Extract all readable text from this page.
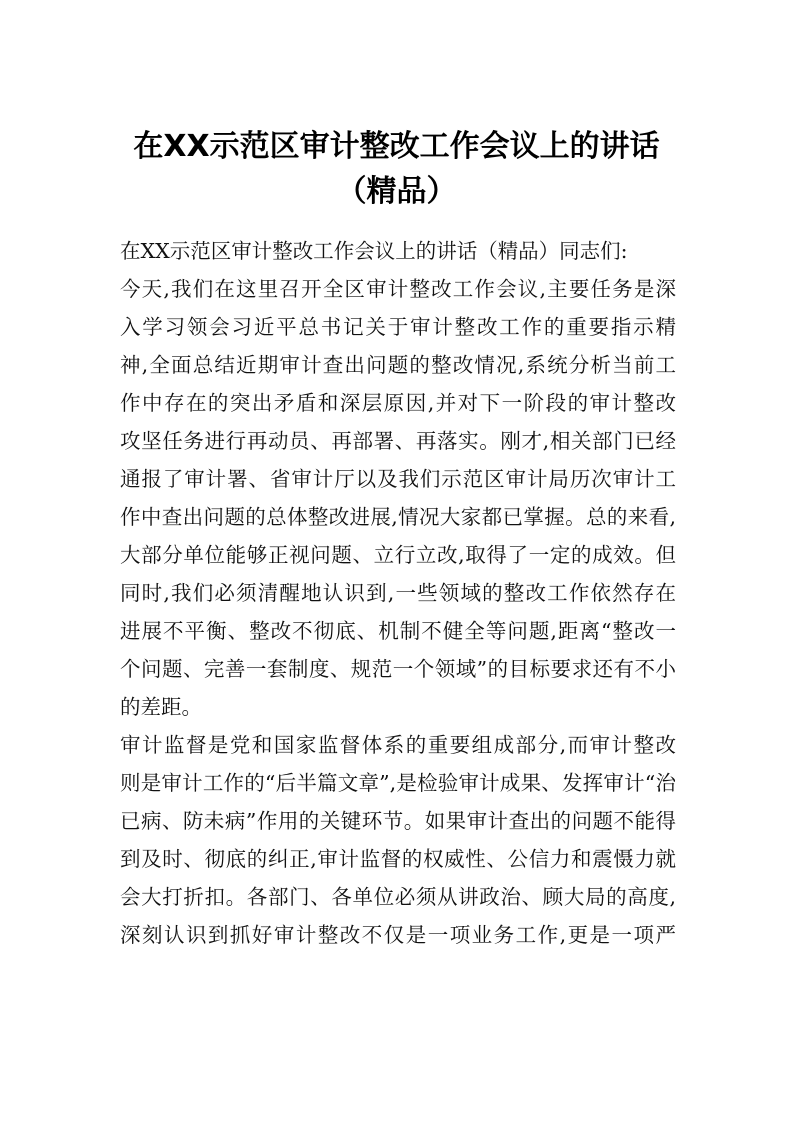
在XX示范区审计整改工作会议上的讲话
（精品）
在XX示范区审计整改工作会议上的讲话（精品）同志们:
今天,我们在这里召开全区审计整改工作会议,主要任务是深
入学习领会习近平总书记关于审计整改工作的重要指示精
神,全面总结近期审计查出问题的整改情况,系统分析当前工
作中存在的突出矛盾和深层原因,并对下一阶段的审计整改
攻坚任务进行再动员、再部署、再落实。刚才,相关部门已经
通报了审计署、省审计厅以及我们示范区审计局历次审计工
作中查出问题的总体整改进展,情况大家都已掌握。总的来看,
大部分单位能够正视问题、立行立改,取得了一定的成效。但
同时,我们必须清醒地认识到,一些领域的整改工作依然存在
进展不平衡、整改不彻底、机制不健全等问题,距离“整改一
个问题、完善一套制度、规范一个领域”的目标要求还有不小
的差距。
审计监督是党和国家监督体系的重要组成部分,而审计整改
则是审计工作的“后半篇文章”,是检验审计成果、发挥审计“治
已病、防未病”作用的关键环节。如果审计查出的问题不能得
到及时、彻底的纠正,审计监督的权威性、公信力和震慑力就
会大打折扣。各部门、各单位必须从讲政治、顾大局的高度,
深刻认识到抓好审计整改不仅是一项业务工作,更是一项严
